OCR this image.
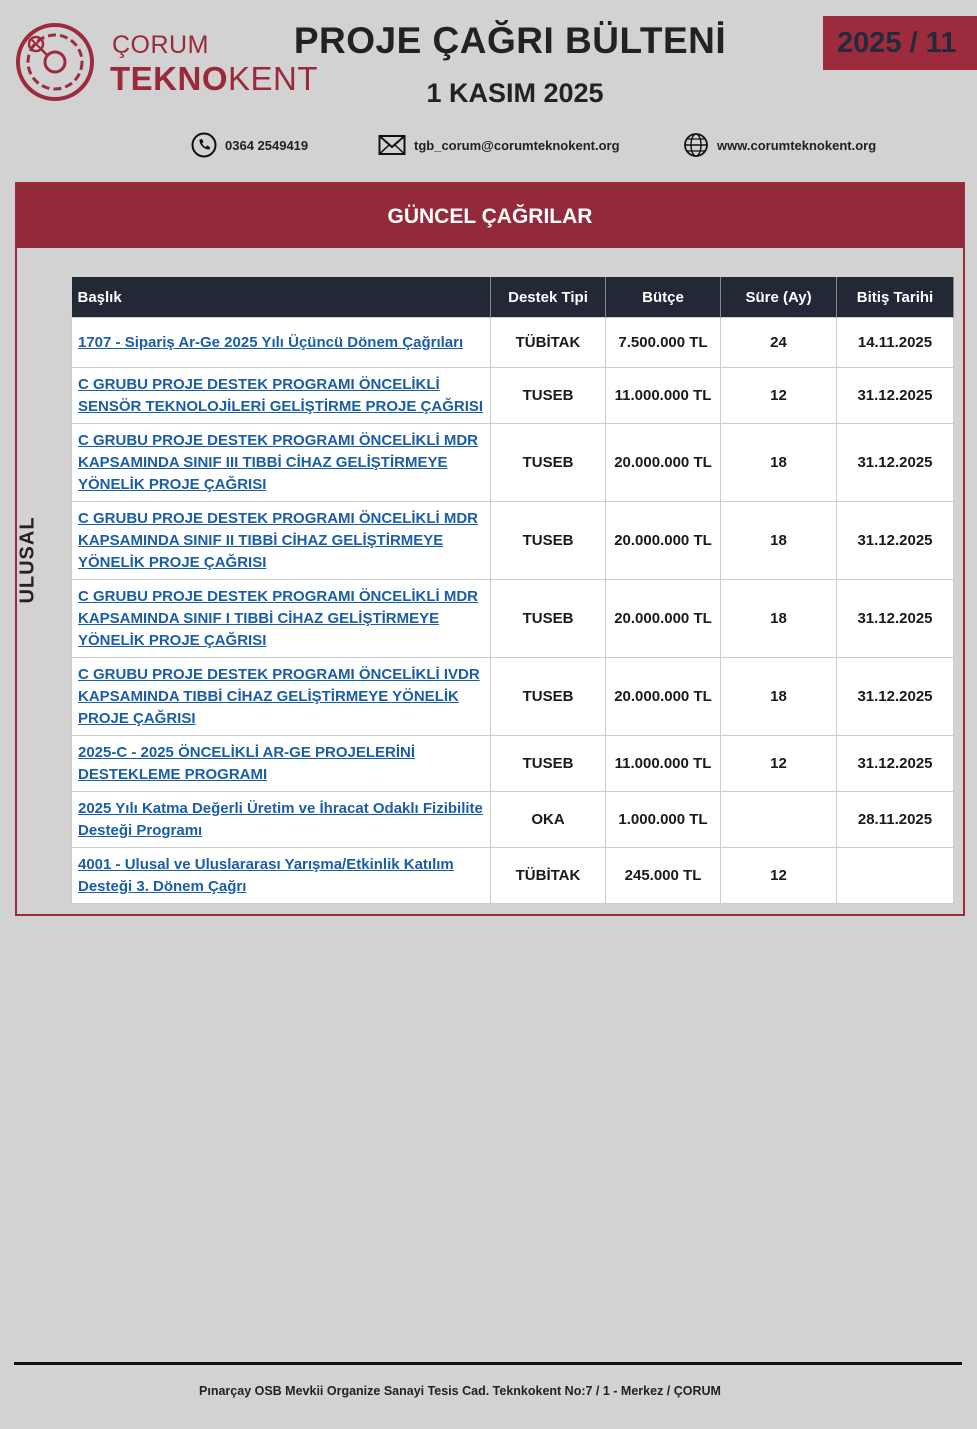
ÇORUM
TEKNOKENT
PROJE ÇAĞRI BÜLTENİ
1 KASIM 2025
2025 / 11
0364 2549419	tgb_corum@corumteknokent.org	www.corumteknokent.org
GÜNCEL ÇAĞRILAR
ULUSAL
Başlık	Destek Tipi	Bütçe	Süre (Ay)	Bitiş Tarihi
1707 - Sipariş Ar-Ge 2025 Yılı Üçüncü Dönem Çağrıları	TÜBİTAK	7.500.000 TL	24	14.11.2025
C GRUBU PROJE DESTEK PROGRAMI ÖNCELİKLİ SENSÖR TEKNOLOJİLERİ GELİŞTİRME PROJE ÇAĞRISI	TUSEB	11.000.000 TL	12	31.12.2025
C GRUBU PROJE DESTEK PROGRAMI ÖNCELİKLİ MDR KAPSAMINDA SINIF III TIBBİ CİHAZ GELİŞTİRMEYE YÖNELİK PROJE ÇAĞRISI	TUSEB	20.000.000 TL	18	31.12.2025
C GRUBU PROJE DESTEK PROGRAMI ÖNCELİKLİ MDR KAPSAMINDA SINIF II TIBBİ CİHAZ GELİŞTİRMEYE YÖNELİK PROJE ÇAĞRISI	TUSEB	20.000.000 TL	18	31.12.2025
C GRUBU PROJE DESTEK PROGRAMI ÖNCELİKLİ MDR KAPSAMINDA SINIF I TIBBİ CİHAZ GELİŞTİRMEYE YÖNELİK PROJE ÇAĞRISI	TUSEB	20.000.000 TL	18	31.12.2025
C GRUBU PROJE DESTEK PROGRAMI ÖNCELİKLİ IVDR KAPSAMINDA TIBBİ CİHAZ GELİŞTİRMEYE YÖNELİK PROJE ÇAĞRISI	TUSEB	20.000.000 TL	18	31.12.2025
2025-C - 2025 ÖNCELİKLİ AR-GE PROJELERİNİ DESTEKLEME PROGRAMI	TUSEB	11.000.000 TL	12	31.12.2025
2025 Yılı Katma Değerli Üretim ve İhracat Odaklı Fizibilite Desteği Programı	OKA	1.000.000 TL		28.11.2025
4001 - Ulusal ve Uluslararası Yarışma/Etkinlik Katılım Desteği 3. Dönem Çağrı	TÜBİTAK	245.000 TL	12	
Pınarçay OSB Mevkii Organize Sanayi Tesis Cad. Teknkokent No:7 / 1 - Merkez / ÇORUM
